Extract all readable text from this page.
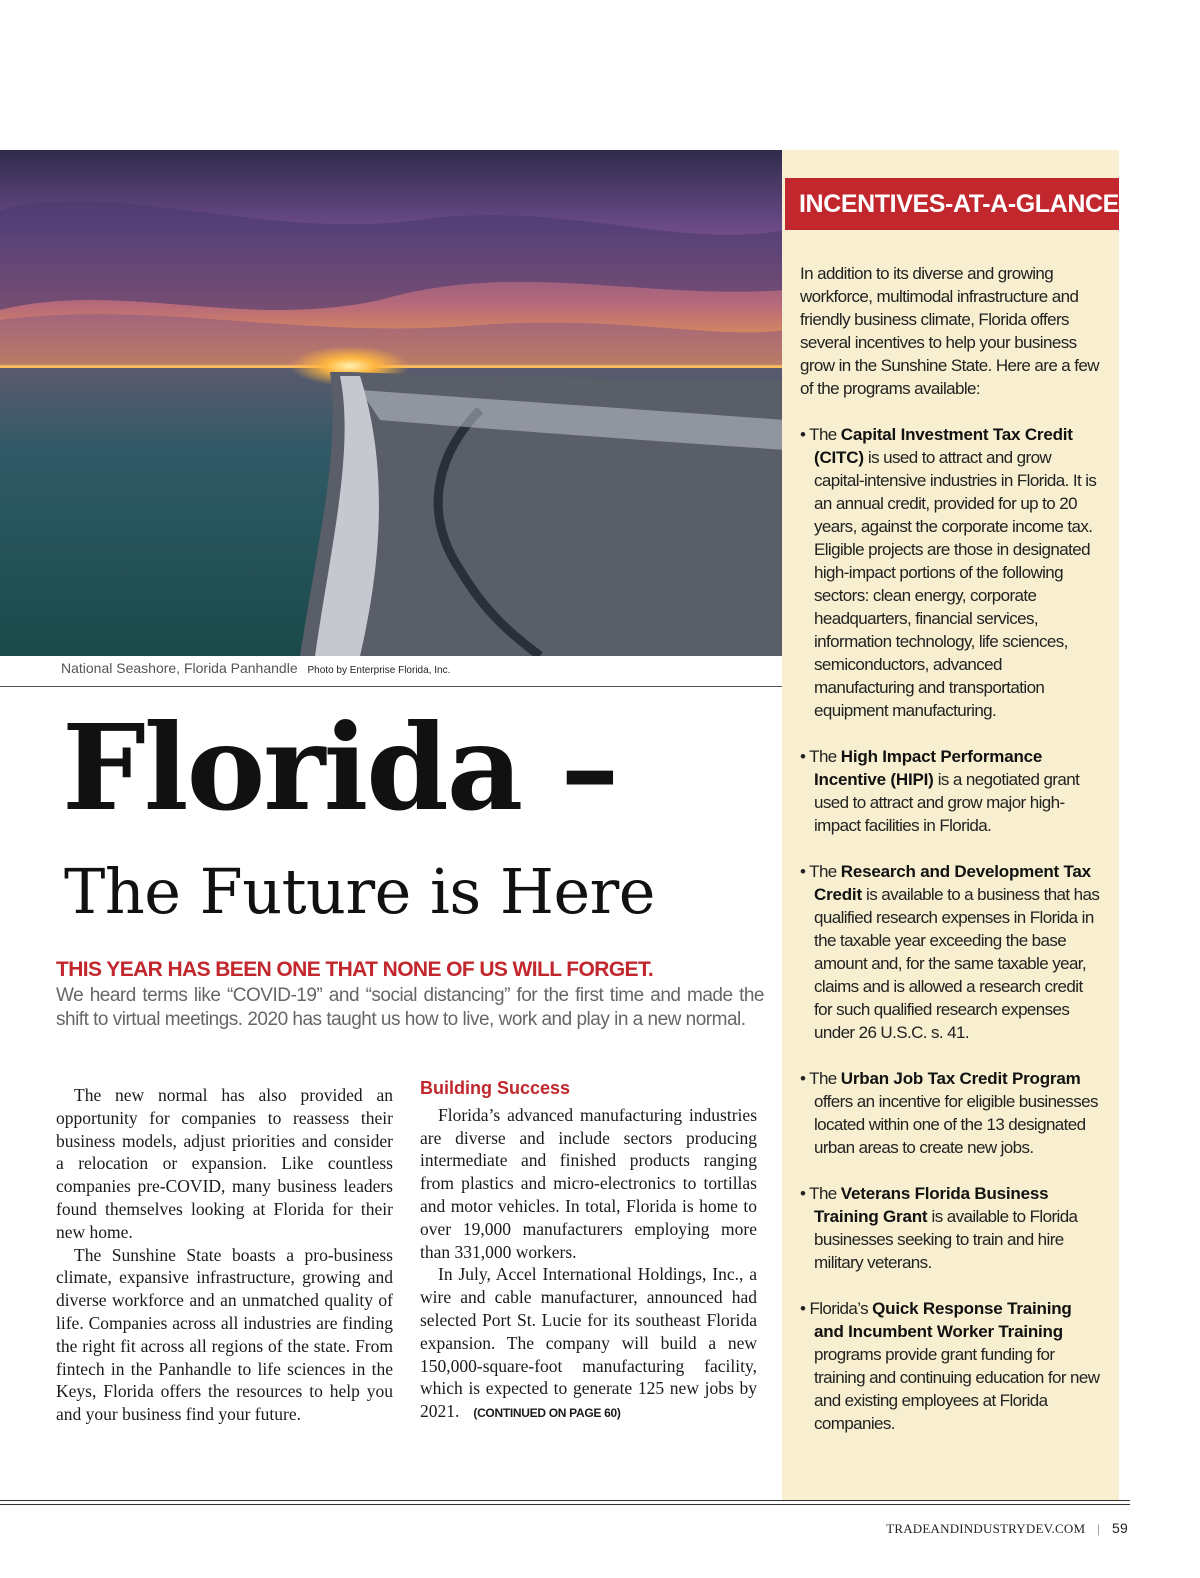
National Seashore, Florida Panhandle Photo by Enterprise Florida, Inc.
Florida –
The Future is Here
THIS YEAR HAS BEEN ONE THAT NONE OF US WILL FORGET.
We heard terms like “COVID-19” and “social distancing” for the first time and made the shift to virtual meetings. 2020 has taught us how to live, work and play in a new normal.

The new normal has also provided an opportunity for companies to reassess their business models, adjust priorities and consider a relocation or expansion. Like countless companies pre-COVID, many business leaders found themselves looking at Florida for their new home.

The Sunshine State boasts a pro-business climate, expansive infrastructure, growing and diverse workforce and an unmatched quality of life. Companies across all industries are finding the right fit across all regions of the state. From fintech in the Panhandle to life sciences in the Keys, Florida offers the resources to help you and your business find your future.

Building Success

Florida’s advanced manufacturing industries are diverse and include sectors producing intermediate and finished products ranging from plastics and micro-electronics to tortillas and motor vehicles. In total, Florida is home to over 19,000 manufacturers employing more than 331,000 workers.

In July, Accel International Holdings, Inc., a wire and cable manufacturer, announced had selected Port St. Lucie for its southeast Florida expansion. The company will build a new 150,000-square-foot manufacturing facility, which is expected to generate 125 new jobs by 2021. (CONTINUED ON PAGE 60)

INCENTIVES-AT-A-GLANCE

In addition to its diverse and growing workforce, multimodal infrastructure and friendly business climate, Florida offers several incentives to help your business grow in the Sunshine State. Here are a few of the programs available:

• The Capital Investment Tax Credit (CITC) is used to attract and grow capital-intensive industries in Florida. It is an annual credit, provided for up to 20 years, against the corporate income tax. Eligible projects are those in designated high-impact portions of the following sectors: clean energy, corporate headquarters, financial services, information technology, life sciences, semiconductors, advanced manufacturing and transportation equipment manufacturing.
• The High Impact Performance Incentive (HIPI) is a negotiated grant used to attract and grow major high-impact facilities in Florida.
• The Research and Development Tax Credit is available to a business that has qualified research expenses in Florida in the taxable year exceeding the base amount and, for the same taxable year, claims and is allowed a research credit for such qualified research expenses under 26 U.S.C. s. 41.
• The Urban Job Tax Credit Program offers an incentive for eligible businesses located within one of the 13 designated urban areas to create new jobs.
• The Veterans Florida Business Training Grant is available to Florida businesses seeking to train and hire military veterans.
• Florida’s Quick Response Training and Incumbent Worker Training programs provide grant funding for training and continuing education for new and existing employees at Florida companies.
TRADEANDINDUSTRYDEV.COM | 59
